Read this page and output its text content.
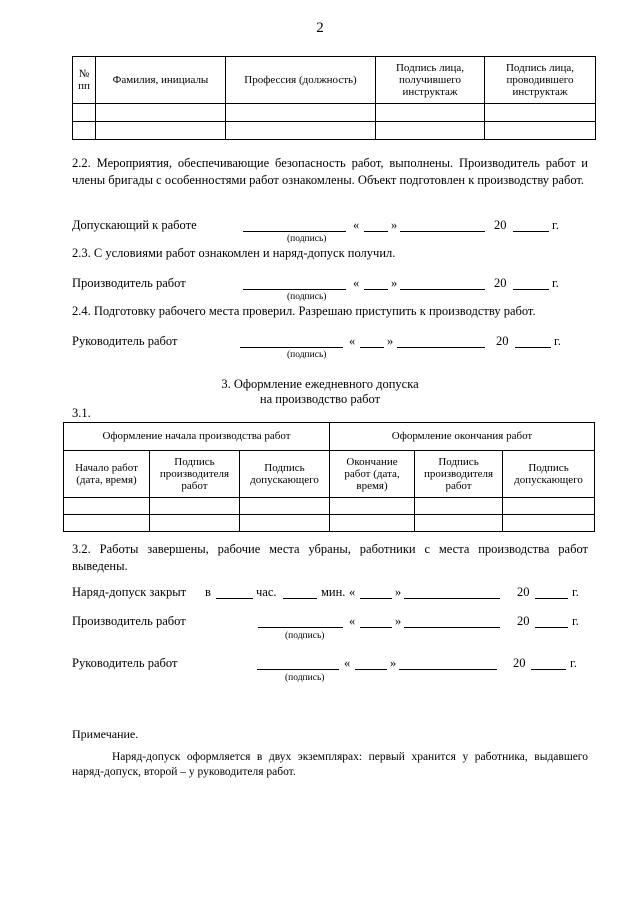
2
№ пп	Фамилия, инициалы	Профессия (должность)	Подпись лица, получившего инструктаж	Подпись лица, проводившего инструктаж

2.2. Мероприятия, обеспечивающие безопасность работ, выполнены. Производитель работ и члены бригады с особенностями работ ознакомлены. Объект подготовлен к производству работ.
Допускающий к работе	«	»	20	г.
(подпись)
2.3. С условиями работ ознакомлен и наряд-допуск получил.
Производитель работ	«	»	20	г.
(подпись)
2.4. Подготовку рабочего места проверил. Разрешаю приступить к производству работ.
Руководитель работ	«	»	20	г.
(подпись)
3. Оформление ежедневного допуска
на производство работ
3.1.
Оформление начала производства работ			Оформление окончания работ		
Начало работ (дата, время)	Подпись производителя работ	Подпись допускающего	Окончание работ (дата, время)	Подпись производителя работ	Подпись допускающего

3.2. Работы завершены, рабочие места убраны, работники с места производства работ выведены.
Наряд-допуск закрыт в	час.	мин. «	»	20	г.
Производитель работ	«	»	20	г.
(подпись)
Руководитель работ	«	»	20	г.
(подпись)
Примечание.
Наряд-допуск оформляется в двух экземплярах: первый хранится у работника, выдавшего наряд-допуск, второй – у руководителя работ.
